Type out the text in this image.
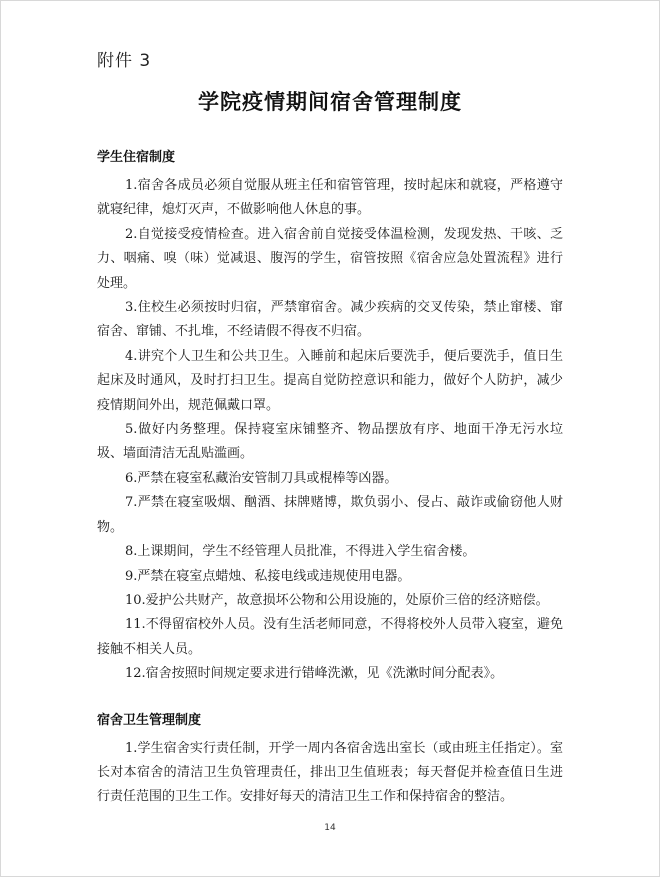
附件 3
学院疫情期间宿舍管理制度
学生住宿制度

1.宿舍各成员必须自觉服从班主任和宿管管理，按时起床和就寝，严格遵守就寝纪律，熄灯灭声，不做影响他人休息的事。

2.自觉接受疫情检查。进入宿舍前自觉接受体温检测，发现发热、干咳、乏力、咽痛、嗅（味）觉减退、腹泻的学生，宿管按照《宿舍应急处置流程》进行处理。

3.住校生必须按时归宿，严禁窜宿舍。减少疾病的交叉传染，禁止窜楼、窜宿舍、窜铺、不扎堆，不经请假不得夜不归宿。

4.讲究个人卫生和公共卫生。入睡前和起床后要洗手，便后要洗手，值日生起床及时通风，及时打扫卫生。提高自觉防控意识和能力，做好个人防护，减少疫情期间外出，规范佩戴口罩。

5.做好内务整理。保持寝室床铺整齐、物品摆放有序、地面干净无污水垃圾、墙面清洁无乱贴滥画。

6.严禁在寝室私藏治安管制刀具或棍棒等凶器。

7.严禁在寝室吸烟、酗酒、抹牌赌博，欺负弱小、侵占、敲诈或偷窃他人财物。

8.上课期间，学生不经管理人员批准，不得进入学生宿舍楼。

9.严禁在寝室点蜡烛、私接电线或违规使用电器。

10.爱护公共财产，故意损坏公物和公用设施的，处原价三倍的经济赔偿。

11.不得留宿校外人员。没有生活老师同意，不得将校外人员带入寝室，避免接触不相关人员。

12.宿舍按照时间规定要求进行错峰洗漱，见《洗漱时间分配表》。

宿舍卫生管理制度

1.学生宿舍实行责任制，开学一周内各宿舍选出室长（或由班主任指定）。室长对本宿舍的清洁卫生负管理责任，排出卫生值班表；每天督促并检查值日生进行责任范围的卫生工作。安排好每天的清洁卫生工作和保持宿舍的整洁。

14
